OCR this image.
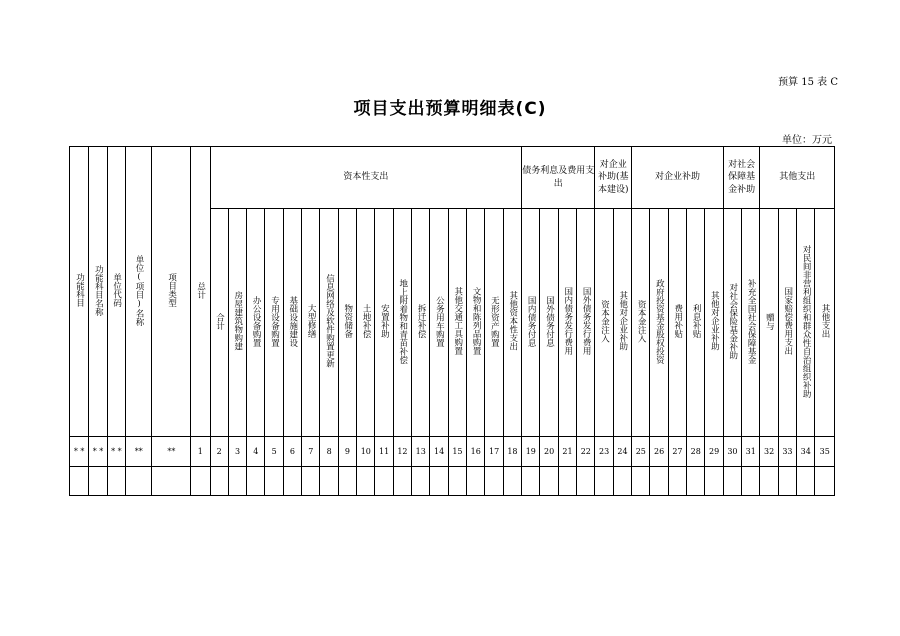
预算 15 表 C
项目支出预算明细表(C)
单位：万元
功能科目	功能科目名称	单位代码	单位(项目)名称	项目类型	总计	资本性支出																	债务利息及费用支出				对企业补助(基本建设)		对企业补助					对社会保障基金补助		其他支出			
						合计	房屋建筑物购建	办公设备购置	专用设备购置	基础设施建设	大型修缮	信息网络及软件购置更新	物资储备	土地补偿	安置补助	地上附着物和青苗补偿	拆迁补偿	公务用车购置	其他交通工具购置	文物和陈列品购置	无形资产购置	其他资本性支出	国内债务付息	国外债务付息	国内债务发行费用	国外债务发行费用	资本金注入	其他对企业补助	资本金注入	政府投资基金股权投资	费用补贴	利息补贴	其他对企业补助	对社会保险基金补助	补充全国社会保障基金	赠与	国家赔偿费用支出	对民间非营利组织和群众性自治组织补助	其他支出
* *	* *	* *	**	**	1	2	3	4	5	6	7	8	9	10	11	12	13	14	15	16	17	18	19	20	21	22	23	24	25	26	27	28	29	30	31	32	33	34	35
